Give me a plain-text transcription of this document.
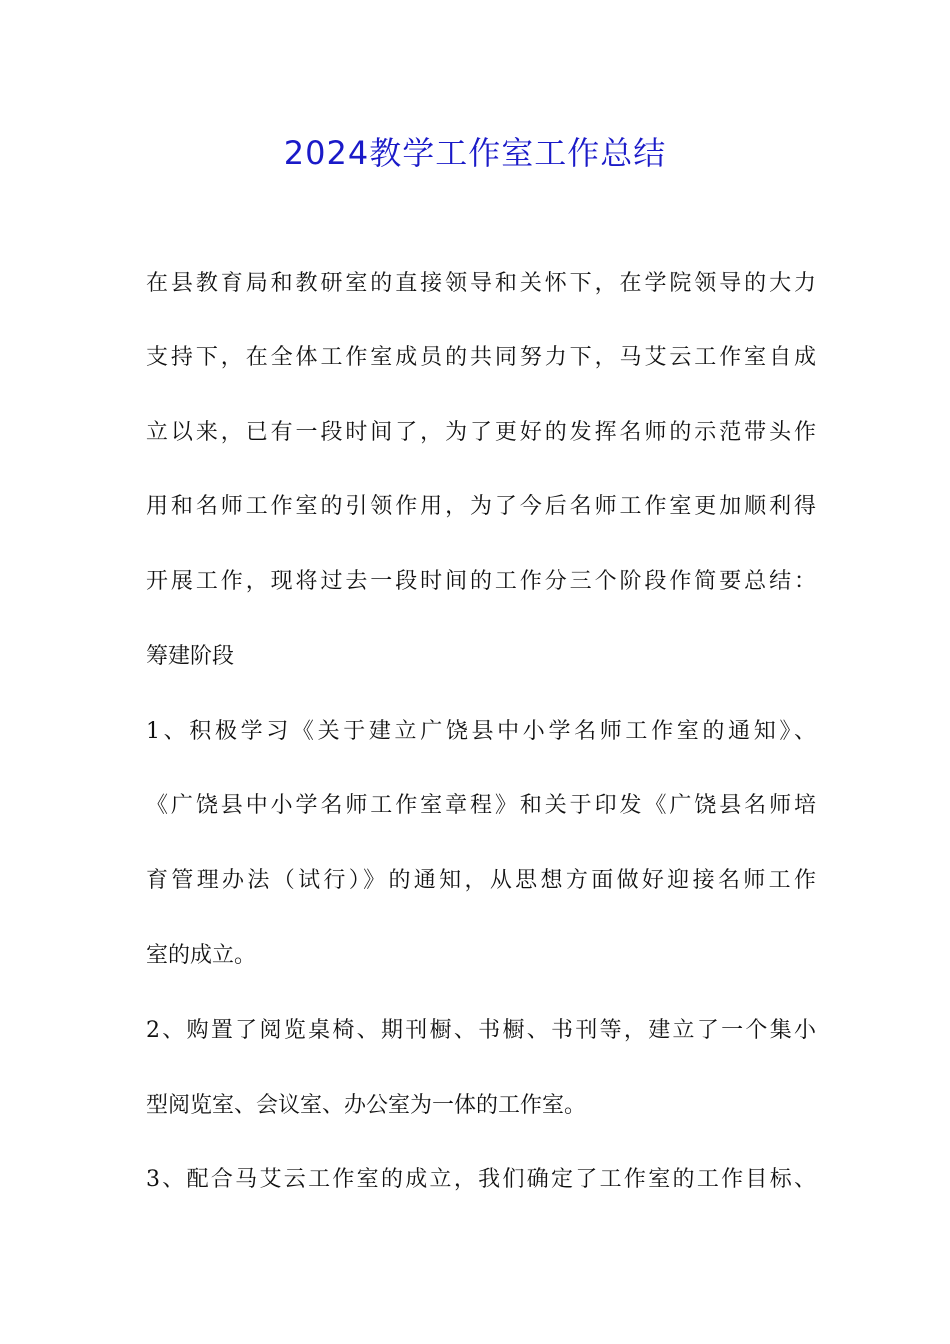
2024教学工作室工作总结

在县教育局和教研室的直接领导和关怀下，在学院领导的大力

支持下，在全体工作室成员的共同努力下，马艾云工作室自成

立以来，已有一段时间了，为了更好的发挥名师的示范带头作

用和名师工作室的引领作用，为了今后名师工作室更加顺利得

开展工作，现将过去一段时间的工作分三个阶段作简要总结：

筹建阶段

1、积极学习《关于建立广饶县中小学名师工作室的通知》、

《广饶县中小学名师工作室章程》和关于印发《广饶县名师培

育管理办法（试行）》的通知，从思想方面做好迎接名师工作

室的成立。

2、购置了阅览桌椅、期刊橱、书橱、书刊等，建立了一个集小

型阅览室、会议室、办公室为一体的工作室。

3、配合马艾云工作室的成立，我们确定了工作室的工作目标、
